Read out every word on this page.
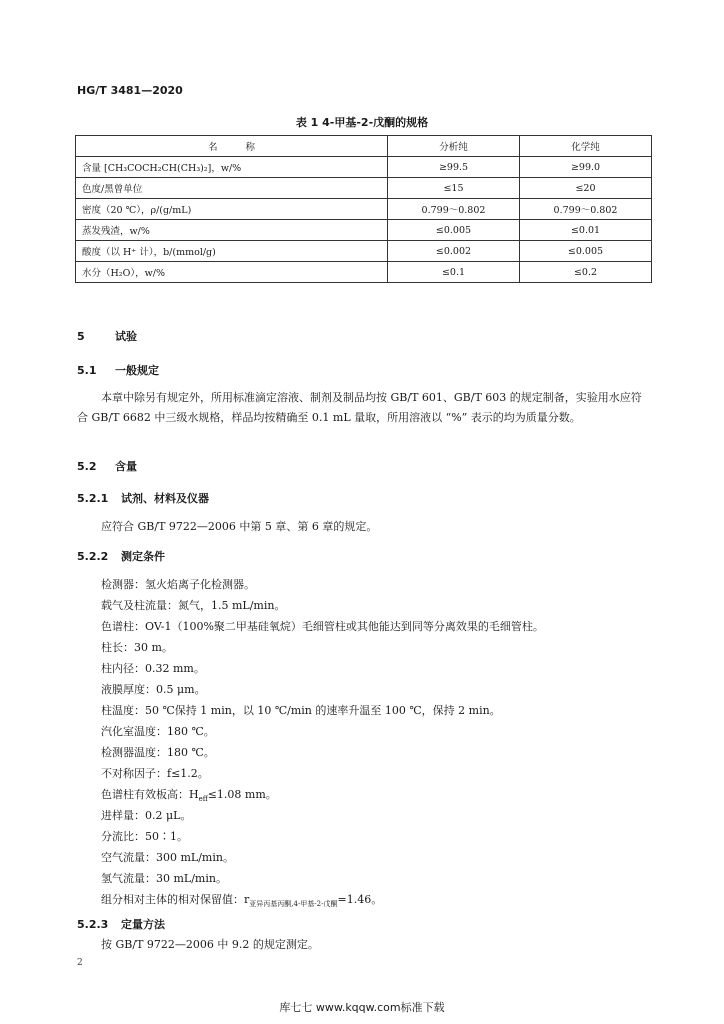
HG/T 3481—2020
表 1 4-甲基-2-戊酮的规格
名称	分析纯	化学纯
含量 [CH₃COCH₂CH(CH₃)₂]，w/%	≥99.5	≥99.0
色度/黑曾单位	≤15	≤20
密度（20 ℃），ρ/(g/mL)	0.799～0.802	0.799～0.802
蒸发残渣，w/%	≤0.005	≤0.01
酸度（以 H⁺ 计），b/(mmol/g)	≤0.002	≤0.005
水分（H₂O），w/%	≤0.1	≤0.2
5	试验
5.1 一般规定
本章中除另有规定外，所用标准滴定溶液、制剂及制品均按 GB/T 601、GB/T 603 的规定制备，实验用水应符合 GB/T 6682 中三级水规格，样品均按精确至 0.1 mL 量取，所用溶液以 “%” 表示的均为质量分数。
5.2 含量
5.2.1 试剂、材料及仪器
应符合 GB/T 9722—2006 中第 5 章、第 6 章的规定。
5.2.2 测定条件
检测器：氢火焰离子化检测器。
载气及柱流量：氮气，1.5 mL/min。
色谱柱：OV-1（100%聚二甲基硅氧烷）毛细管柱或其他能达到同等分离效果的毛细管柱。
柱长：30 m。
柱内径：0.32 mm。
液膜厚度：0.5 μm。
柱温度：50 ℃保持 1 min，以 10 ℃/min 的速率升温至 100 ℃，保持 2 min。
汽化室温度：180 ℃。
检测器温度：180 ℃。
不对称因子：f≤1.2。
色谱柱有效板高：$H_{eff}\le 1.08$ mm。
进样量：0.2 μL。
分流比：50∶1。
空气流量：300 mL/min。
氢气流量：30 mL/min。
组分相对主体的相对保留值：$r_{亚异丙基丙酮,4-甲基-2-戊酮}=1.46$。
5.2.3 定量方法
按 GB/T 9722—2006 中 9.2 的规定测定。
2
库七七 www.kqqw.com标准下载
